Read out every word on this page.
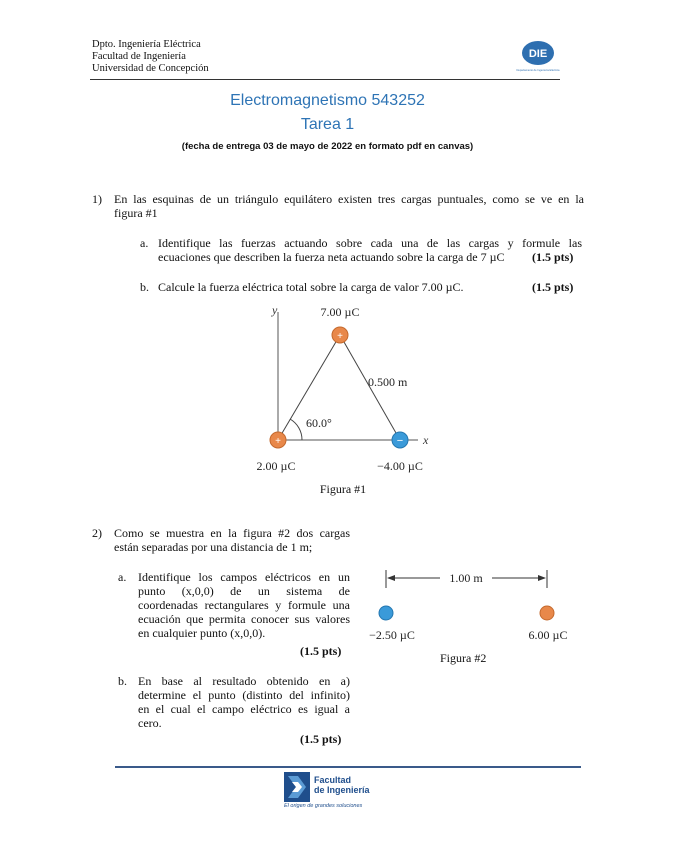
Dpto. Ingeniería Eléctrica
Facultad de Ingeniería
Universidad de Concepción
DIE
Departamento de Ingeniería Eléctrica
Electromagnetismo 543252
Tarea 1
(fecha de entrega 03 de mayo de 2022 en formato pdf en canvas)
1) En las esquinas de un triángulo equilátero existen tres cargas puntuales, como se ve en la
figura #1
a. Identifique las fuerzas actuando sobre cada una de las cargas y formule las
ecuaciones que describen la fuerza neta actuando sobre la carga de 7 µC (1.5 pts)
b. Calcule la fuerza eléctrica total sobre la carga de valor 7.00 µC.	(1.5 pts)
y
x
60.0°
0.500 m
+
+	−
7.00 µC
2.00 µC	−4.00 µC
Figura #1
2) Como se muestra en la figura #2 dos cargas
están separadas por una distancia de 1 m;
a. Identifique los campos eléctricos en un
punto (x,0,0) de un sistema de
coordenadas rectangulares y formule una
ecuación que permita conocer sus valores
en cualquier punto (x,0,0).
(1.5 pts)
b. En base al resultado obtenido en a)
determine el punto (distinto del infinito)
en el cual el campo eléctrico es igual a
cero.
(1.5 pts)
1.00 m
−2.50 µC	6.00 µC
Figura #2
Facultad
de Ingeniería
El origen de grandes soluciones
